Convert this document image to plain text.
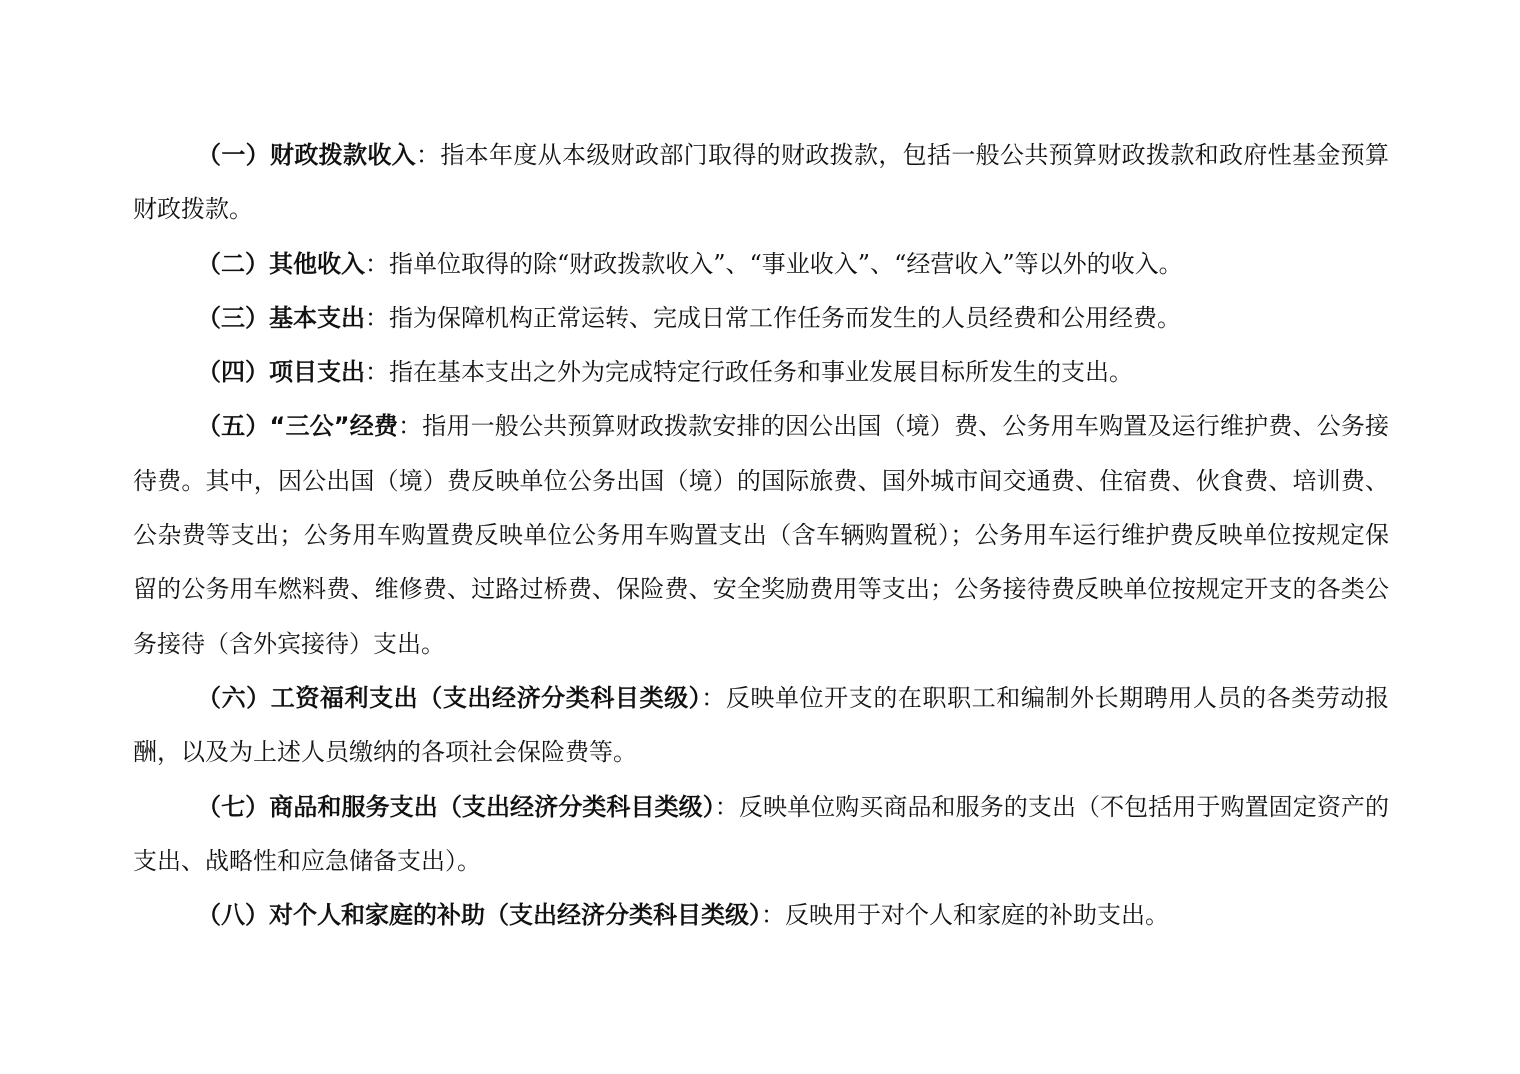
（一）财政拨款收入：指本年度从本级财政部门取得的财政拨款，包括一般公共预算财政拨款和政府性基金预算财政拨款。

（二）其他收入：指单位取得的除“财政拨款收入”、“事业收入”、“经营收入”等以外的收入。

（三）基本支出：指为保障机构正常运转、完成日常工作任务而发生的人员经费和公用经费。

（四）项目支出：指在基本支出之外为完成特定行政任务和事业发展目标所发生的支出。

（五）“三公”经费：指用一般公共预算财政拨款安排的因公出国（境）费、公务用车购置及运行维护费、公务接待费。其中，因公出国（境）费反映单位公务出国（境）的国际旅费、国外城市间交通费、住宿费、伙食费、培训费、公杂费等支出；公务用车购置费反映单位公务用车购置支出（含车辆购置税）；公务用车运行维护费反映单位按规定保留的公务用车燃料费、维修费、过路过桥费、保险费、安全奖励费用等支出；公务接待费反映单位按规定开支的各类公务接待（含外宾接待）支出。

（六）工资福利支出（支出经济分类科目类级）：反映单位开支的在职职工和编制外长期聘用人员的各类劳动报酬，以及为上述人员缴纳的各项社会保险费等。

（七）商品和服务支出（支出经济分类科目类级）：反映单位购买商品和服务的支出（不包括用于购置固定资产的支出、战略性和应急储备支出）。

（八）对个人和家庭的补助（支出经济分类科目类级）：反映用于对个人和家庭的补助支出。
